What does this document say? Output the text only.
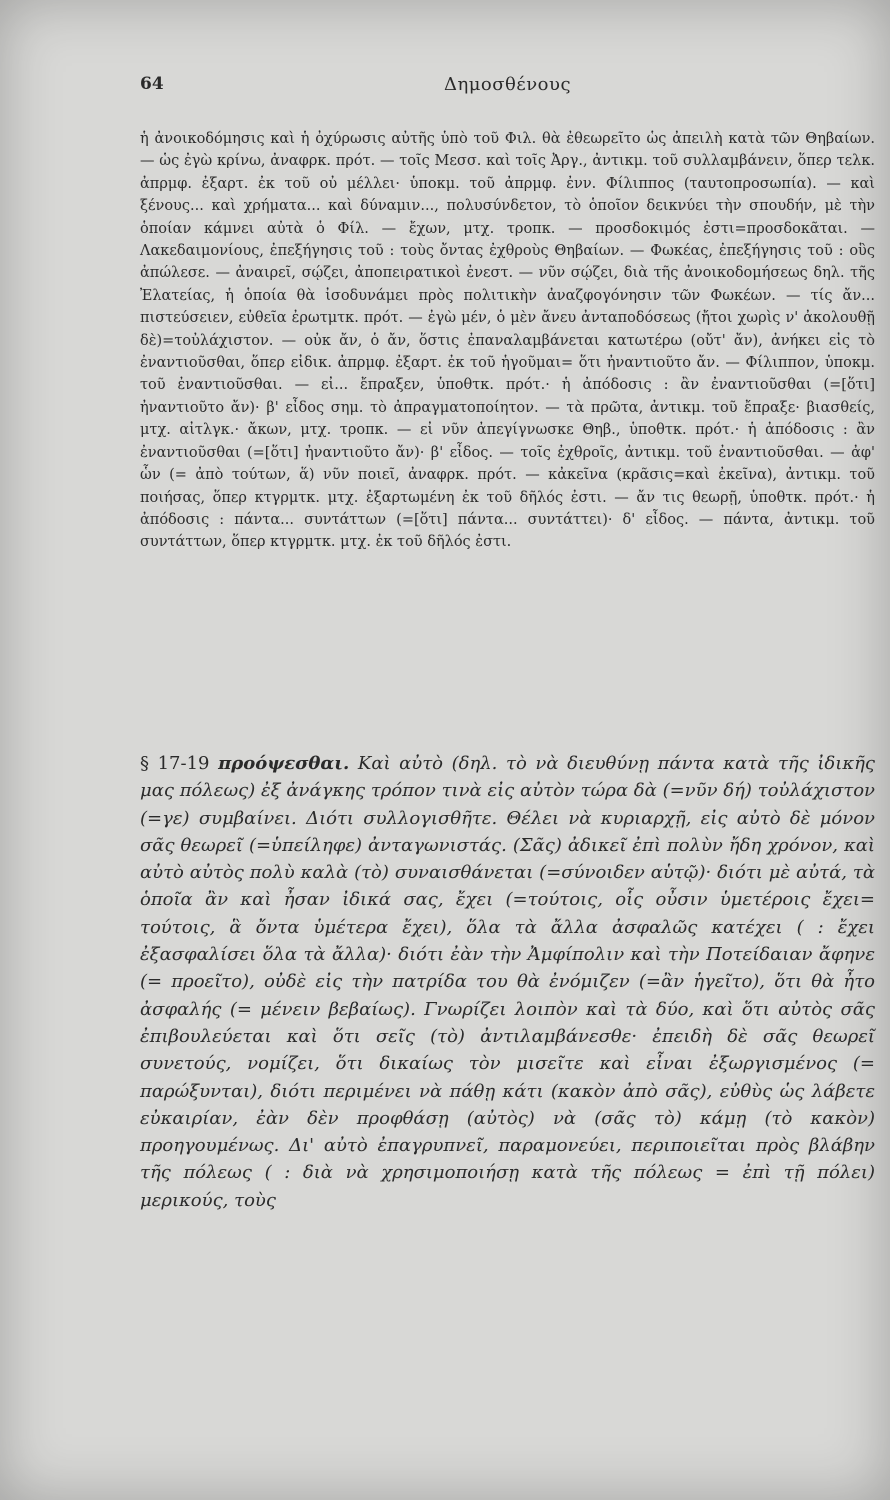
64	Δημοσθένους

ἡ ἀνοικοδόμησις καὶ ἡ ὀχύρωσις αὐτῆς ὑπὸ τοῦ Φιλ. θὰ ἐθεωρεῖτο ὡς ἀπειλὴ κατὰ τῶν Θηβαίων. — ὡς ἐγὼ κρίνω, ἀναφρκ. πρότ. — τοῖς Μεσσ. καὶ τοῖς Ἀργ., ἀντικμ. τοῦ συλλαμβάνειν, ὅπερ τελκ. ἀπρμφ. ἐξαρτ. ἐκ τοῦ οὐ μέλλει· ὑποκμ. τοῦ ἀπρμφ. ἐνν. Φίλιππος (ταυτοπροσωπία). — καὶ ξένους... καὶ χρήματα... καὶ δύναμιν..., πολυσύνδετον, τὸ ὁποῖον δεικνύει τὴν σπουδήν, μὲ τὴν ὁποίαν κάμνει αὐτὰ ὁ Φίλ. — ἔχων, μτχ. τροπκ. — προσδοκιμός ἐστι=προσδοκᾶται. — Λακεδαιμονίους, ἐπεξήγησις τοῦ : τοὺς ὄντας ἐχθροὺς Θηβαίων. — Φωκέας, ἐπεξήγησις τοῦ : οὓς ἀπώλεσε. — ἀναιρεῖ, σῴζει, ἀποπειρατικοὶ ἐνεστ. — νῦν σῴζει, διὰ τῆς ἀνοικοδομήσεως δηλ. τῆς Ἐλατείας, ἡ ὁποία θὰ ἰσοδυνάμει πρὸς πολιτικὴν ἀναζφογόνησιν τῶν Φωκέων. — τίς ἄν... πιστεύσειεν, εὐθεῖα ἐρωτμτκ. πρότ. — ἐγὼ μέν, ὁ μὲν ἄνευ ἀνταποδόσεως (ἤτοι χωρὶς ν' ἀκολουθῇ δὲ)=τοὐλάχιστον. — οὐκ ἄν, ὁ ἄν, ὅστις ἐπαναλαμβάνεται κατωτέρω (οὔτ' ἄν), ἀνήκει εἰς τὸ ἐναντιοῦσθαι, ὅπερ εἰδικ. ἀπρμφ. ἐξαρτ. ἐκ τοῦ ἡγοῦμαι= ὅτι ἠναντιοῦτο ἄν. — Φίλιππον, ὑποκμ. τοῦ ἐναντιοῦσθαι. — εἰ... ἔπραξεν, ὑποθτκ. πρότ.· ἡ ἀπόδοσις : ἂν ἐναντιοῦσθαι (=[ὅτι] ἠναντιοῦτο ἄν)· β' εἶδος σημ. τὸ ἀπραγματοποίητον. — τὰ πρῶτα, ἀντικμ. τοῦ ἔπραξε· βιασθείς, μτχ. αἰτλγκ.· ἄκων, μτχ. τροπκ. — εἰ νῦν ἀπεγίγνωσκε Θηβ., ὑποθτκ. πρότ.· ἡ ἀπόδοσις : ἂν ἐναντιοῦσθαι (=[ὅτι] ἠναντιοῦτο ἄν)· β' εἶδος. — τοῖς ἐχθροῖς, ἀντικμ. τοῦ ἐναντιοῦσθαι. — ἀφ' ὧν (= ἀπὸ τούτων, ἅ) νῦν ποιεῖ, ἀναφρκ. πρότ. — κἀκεῖνα (κρᾶσις=καὶ ἐκεῖνα), ἀντικμ. τοῦ ποιήσας, ὅπερ κτγρμτκ. μτχ. ἐξαρτωμένη ἐκ τοῦ δῆλός ἐστι. — ἄν τις θεωρῇ, ὑποθτκ. πρότ.· ἡ ἀπόδοσις : πάντα... συντάττων (=[ὅτι] πάντα... συντάττει)· δ' εἶδος. — πάντα, ἀντικμ. τοῦ συντάττων, ὅπερ κτγρμτκ. μτχ. ἐκ τοῦ δῆλός ἐστι.

§ 17-19 προόψεσθαι. Καὶ αὐτὸ (δηλ. τὸ νὰ διευθύνῃ πάντα κατὰ τῆς ἰδικῆς μας πόλεως) ἐξ ἀνάγκης τρόπον τινὰ εἰς αὐτὸν τώρα δὰ (=νῦν δή) τοὐλάχιστον (=γε) συμβαίνει. Διότι συλλογισθῆτε. Θέλει νὰ κυριαρχῇ, εἰς αὐτὸ δὲ μόνον σᾶς θεωρεῖ (=ὑπείληφε) ἀνταγωνιστάς. (Σᾶς) ἀδικεῖ ἐπὶ πολὺν ἤδη χρόνον, καὶ αὐτὸ αὐτὸς πολὺ καλὰ (τὸ) συναισθάνεται (=σύνοιδεν αὑτῷ)· διότι μὲ αὐτά, τὰ ὁποῖα ἂν καὶ ἦσαν ἰδικά σας, ἔχει (=τούτοις, οἷς οὖσιν ὑμετέροις ἔχει= τούτοις, ἃ ὄντα ὑμέτερα ἔχει), ὅλα τὰ ἄλλα ἀσφαλῶς κατέχει ( : ἔχει ἐξασφαλίσει ὅλα τὰ ἄλλα)· διότι ἐὰν τὴν Ἀμφίπολιν καὶ τὴν Ποτείδαιαν ἄφηνε (= προεῖτο), οὐδὲ εἰς τὴν πατρίδα του θὰ ἐνόμιζεν (=ἂν ἡγεῖτο), ὅτι θὰ ἦτο ἀσφαλής (= μένειν βεβαίως). Γνωρίζει λοιπὸν καὶ τὰ δύο, καὶ ὅτι αὐτὸς σᾶς ἐπιβουλεύεται καὶ ὅτι σεῖς (τὸ) ἀντιλαμβάνεσθε· ἐπειδὴ δὲ σᾶς θεωρεῖ συνετούς, νομίζει, ὅτι δικαίως τὸν μισεῖτε καὶ εἶναι ἐξωργισμένος (= παρώξυνται), διότι περιμένει νὰ πάθῃ κάτι (κακὸν ἀπὸ σᾶς), εὐθὺς ὡς λάβετε εὐκαιρίαν, ἐὰν δὲν προφθάσῃ (αὐτὸς) νὰ (σᾶς τὸ) κάμῃ (τὸ κακὸν) προηγουμένως. Δι' αὐτὸ ἐπαγρυπνεῖ, παραμονεύει, περιποιεῖται πρὸς βλάβην τῆς πόλεως ( : διὰ νὰ χρησιμοποιήσῃ κατὰ τῆς πόλεως = ἐπὶ τῇ πόλει) μερικούς, τοὺς
